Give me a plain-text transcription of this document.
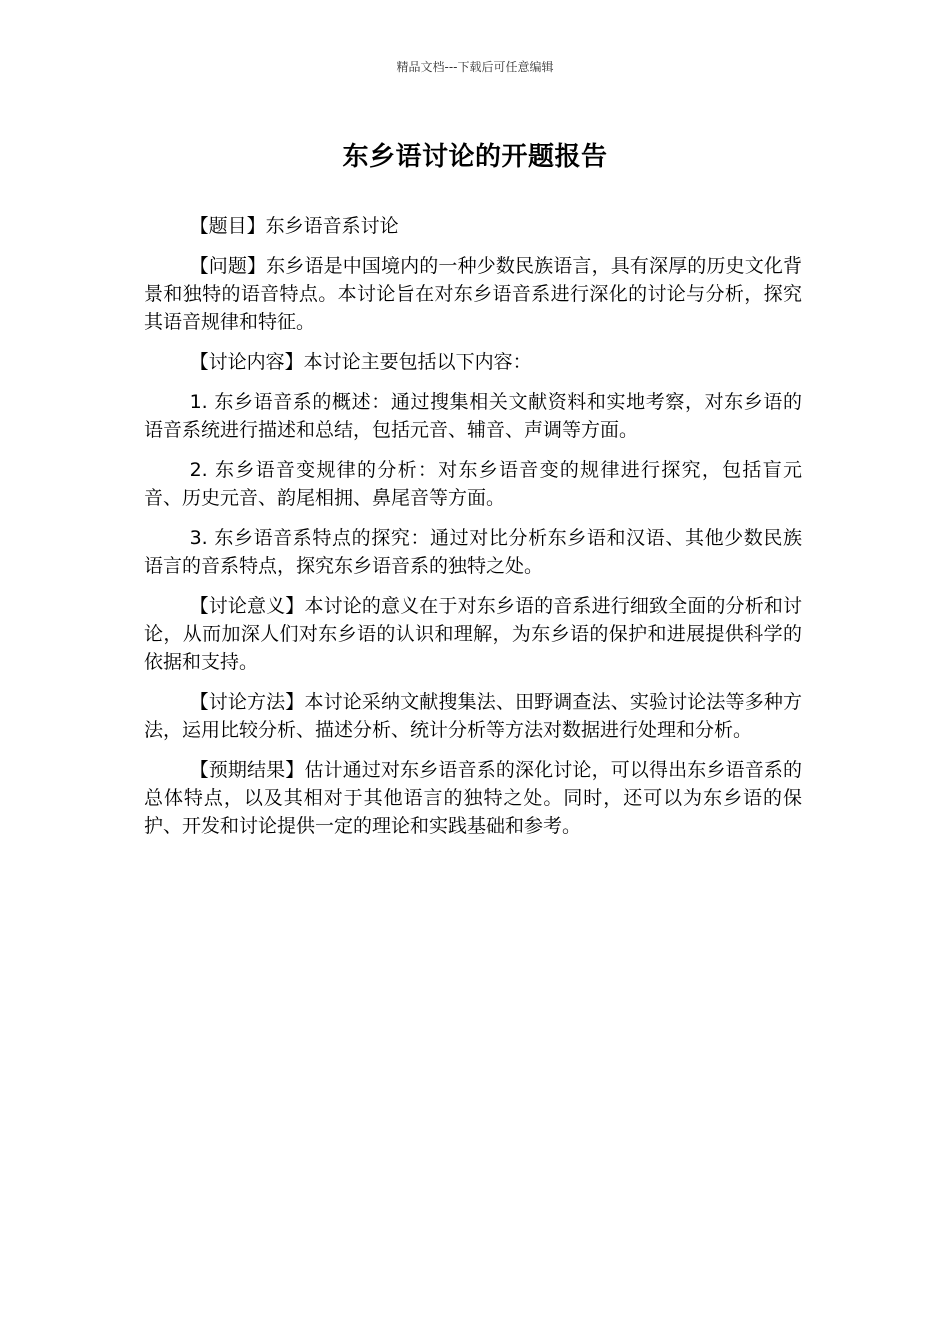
精品文档---下载后可任意编辑
东乡语讨论的开题报告

【题目】东乡语音系讨论

【问题】东乡语是中国境内的一种少数民族语言，具有深厚的历史文化背景和独特的语音特点。本讨论旨在对东乡语音系进行深化的讨论与分析，探究其语音规律和特征。

【讨论内容】本讨论主要包括以下内容：

1. 东乡语音系的概述：通过搜集相关文献资料和实地考察，对东乡语的语音系统进行描述和总结，包括元音、辅音、声调等方面。

2. 东乡语音变规律的分析：对东乡语音变的规律进行探究，包括盲元音、历史元音、韵尾相拥、鼻尾音等方面。

3. 东乡语音系特点的探究：通过对比分析东乡语和汉语、其他少数民族语言的音系特点，探究东乡语音系的独特之处。

【讨论意义】本讨论的意义在于对东乡语的音系进行细致全面的分析和讨论，从而加深人们对东乡语的认识和理解，为东乡语的保护和进展提供科学的依据和支持。

【讨论方法】本讨论采纳文献搜集法、田野调查法、实验讨论法等多种方法，运用比较分析、描述分析、统计分析等方法对数据进行处理和分析。

【预期结果】估计通过对东乡语音系的深化讨论，可以得出东乡语音系的总体特点，以及其相对于其他语言的独特之处。同时，还可以为东乡语的保护、开发和讨论提供一定的理论和实践基础和参考。
